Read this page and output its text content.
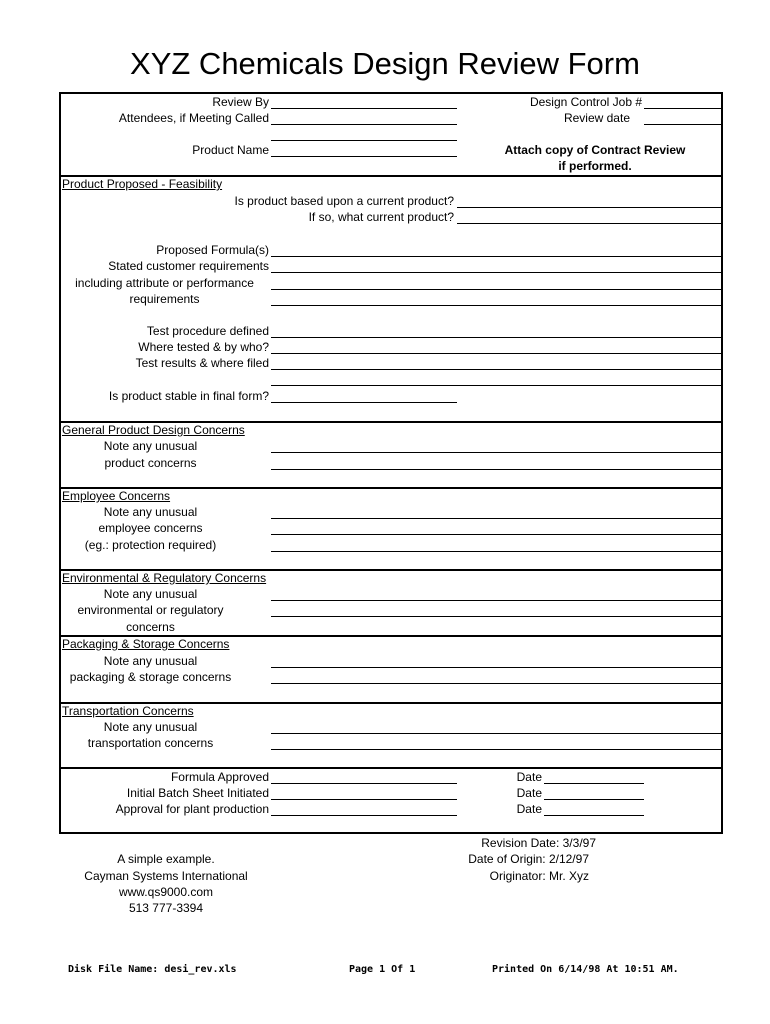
XYZ Chemicals Design Review Form
Review By
Attendees, if Meeting Called
Product Name
Design Control Job #
Review date
Attach copy of Contract Review
if performed.
Product Proposed - Feasibility
Is product based upon a current product?
If so, what current product?
Proposed Formula(s)
Stated customer requirements
including attribute or performance
requirements
Test procedure defined
Where tested & by who?
Test results & where filed
Is product stable in final form?
General Product Design Concerns
Note any unusual
product concerns
Employee Concerns
Note any unusual
employee concerns
(eg.: protection required)
Environmental & Regulatory Concerns
Note any unusual
environmental or regulatory
concerns
Packaging & Storage Concerns
Note any unusual
packaging & storage concerns
Transportation Concerns
Note any unusual
transportation concerns
Formula Approved
Initial Batch Sheet Initiated
Approval for plant production
Date
Date
Date
Revision Date: 3/3/97
Date of Origin: 2/12/97
Originator: Mr. Xyz
A simple example.
Cayman Systems International
www.qs9000.com
513 777-3394
Disk File Name: desi_rev.xls	Page 1 Of 1	Printed On 6/14/98 At 10:51 AM.
